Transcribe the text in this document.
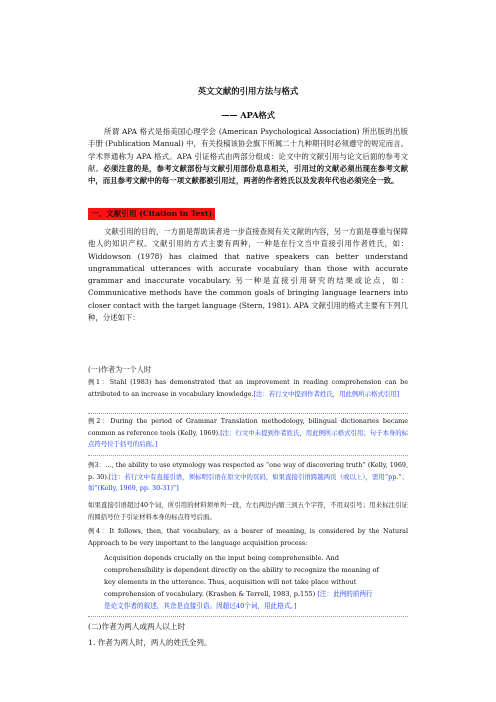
英文文献的引用方法与格式
—— APA格式
所谓 APA 格式是指美国心理学会 (American Psychological Association) 所出版的出版手册 (Publication Manual) 中，有关投稿该协会旗下所属二十九种期刊时必须遵守的规定而言。学术界通称为 APA 格式。APA 引证格式由两部分组成：论文中的文献引用与论文后面的参考文献。必须注意的是，参考文献部份与文献引用部份息息相关，引用过的文献必须出现在参考文献中，而且参考文献中的每一项文献都被引用过，两者的作者姓氏以及发表年代也必须完全一致。
一、文献引用 (Citation in Text)
文献引用的目的，一方面是帮助读者进一步直接查阅有关文献的内容，另一方面是尊重与保障他人的知识产权。文献引用的方式主要有两种，一种是在行文当中直接引用作者姓氏，如：Widdowson (1978) has claimed that native speakers can better understand ungrammatical utterances with accurate vocabulary than those with accurate grammar and inaccurate vocabulary. 另一种是直接引用研究的结果或论点，如：Communicative methods have the common goals of bringing language learners into closer contact with the target language (Stern, 1981). APA 文献引用的格式主要有下列几种，分述如下：
(一)作者为一个人时
例1：Stahl (1983) has demonstrated that an improvement in reading comprehension can be attributed to an increase in vocabulary knowledge.[注：若行文中提到作者姓氏，用此例所示格式引用]
例2：During the period of Grammar Translation methodology, bilingual dictionaries became common as reference tools (Kelly, 1969).[注：行文中未提到作者姓氏，用此例所示格式引用；句子本身的标点符号位于括号的后面。]
例3：…, the ability to use etymology was respected as “one way of discovering truth” (Kelly, 1969, p. 30).[注：若行文中有直接引语，须标明引语在原文中的页码，如果直接引语跨越两页（或以上），需用“pp.”；如“(Kelly, 1969, pp. 30-31)”]
如果直接引语超过40个词，所引用的材料须单列一段，左右两边内缩三到五个字符，不用双引号；用来标注引证的圆括号位于引证材料本身的标点符号后面。
例4：It follows, then, that vocabulary, as a bearer of meaning, is considered by the Natural Approach to be very important to the language acquisition process:
Acquisition depends crucially on the input being comprehensible. And
comprehensibility is dependent directly on the ability to recognize the meaning of
key elements in the utterance. Thus, acquisition will not take place without
comprehension of vocabulary. (Krashen & Terrell, 1983, p.155) [注：此例的前两行
是论文作者的叙述，其余是直接引语。因超过40个词，用此格式。]
(二)作者为两人或两人以上时
1. 作者为两人时，两人的姓氏全列。
